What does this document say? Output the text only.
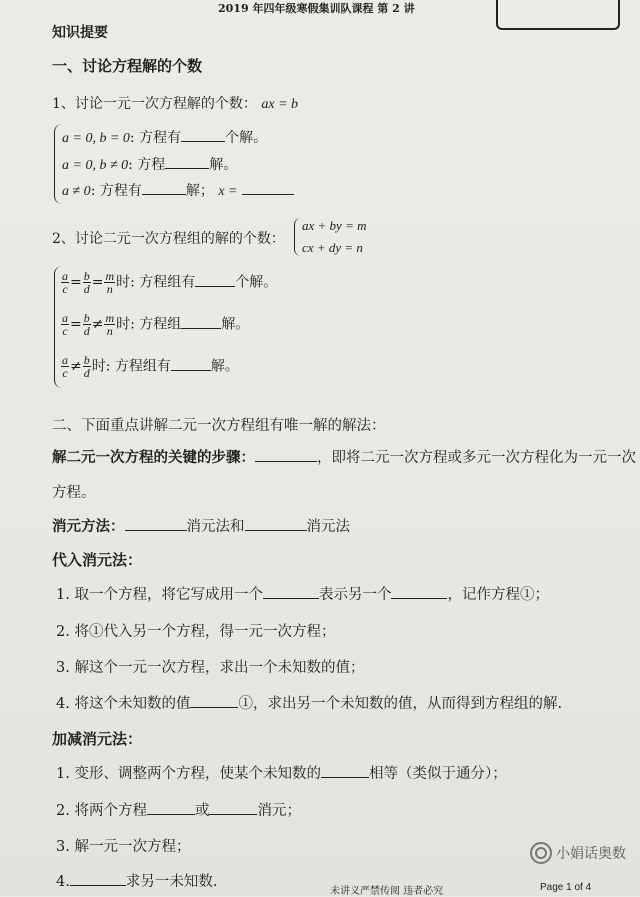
2019 年四年级寒假集训队课程 第 2 讲
知识提要
一、讨论方程解的个数
1、讨论一元一次方程解的个数： ax = b
a = 0, b = 0: 方程有	个解。
a = 0, b ≠ 0: 方程	解。
a ≠ 0: 方程有	解； x =
2、讨论二元一次方程组的解的个数：
ax + by = m
cx + dy = n
$\frac{a}{c} = \frac{b}{d} = \frac{m}{n}$ 时: 方程组有	个解。
$\frac{a}{c} = \frac{b}{d} \ne \frac{m}{n}$ 时: 方程组	解。
$\frac{a}{c} \ne \frac{b}{d}$ 时: 方程组有	解。
二、下面重点讲解二元一次方程组有唯一解的解法：
解二元一次方程的关键的步骤：	，即将二元一次方程或多元一次方程化为一元一次
方程。
消元方法：	消元法和	消元法
代入消元法：
1. 取一个方程，将它写成用一个	表示另一个	，记作方程①；
2. 将①代入另一个方程，得一元一次方程；
3. 解这个一元一次方程，求出一个未知数的值；
4. 将这个未知数的值	①，求出另一个未知数的值，从而得到方程组的解.
加减消元法：
1. 变形、调整两个方程，使某个未知数的	相等（类似于通分）；
2. 将两个方程	或	消元；
3. 解一元一次方程；
4.	求另一未知数.
未讲义严禁传阅 违者必究	Page 1 of 4
小娟话奥数
